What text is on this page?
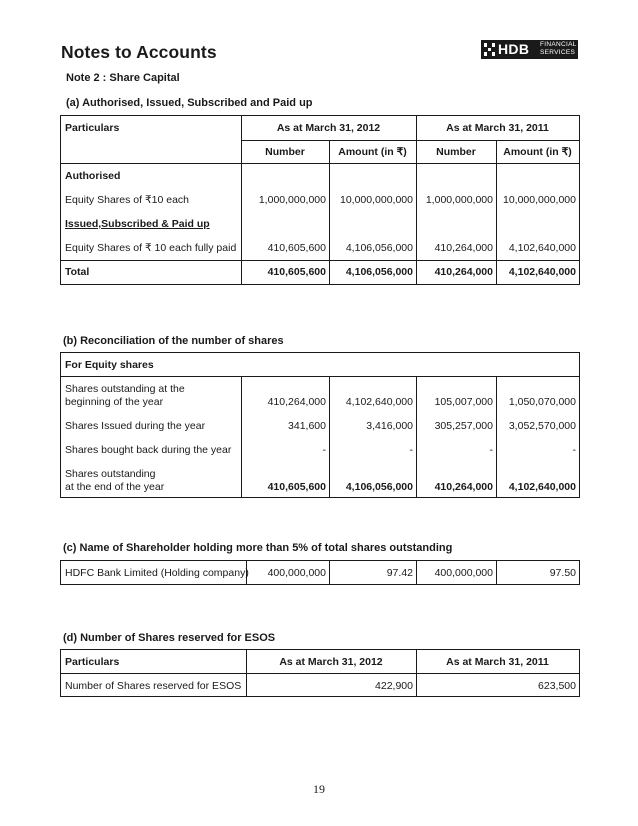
Notes to Accounts	HDB FINANCIAL
SERVICES
Note 2 : Share Capital
(a) Authorised, Issued, Subscribed and Paid up
Particulars	As at March 31, 2012	As at March 31, 2011
Number	Amount (in ₹)	Number	Amount (in ₹)
Authorised
Equity Shares of ₹10 each	1,000,000,000	10,000,000,000	1,000,000,000 10,000,000,000
Issued,Subscribed & Paid up
Equity Shares of ₹ 10 each fully paid	410,605,600	4,106,056,000	410,264,000	4,102,640,000
Total	410,605,600	4,106,056,000	410,264,000	4,102,640,000
(b) Reconciliation of the number of shares
For Equity shares
Shares outstanding at the
beginning of the year	410,264,000	4,102,640,000	105,007,000	1,050,070,000
Shares Issued during the year	341,600	3,416,000	305,257,000	3,052,570,000
Shares bought back during the year	-	-	-	-
Shares outstanding
at the end of the year	410,605,600	4,106,056,000	410,264,000	4,102,640,000
(c) Name of Shareholder holding more than 5% of total shares outstanding
HDFC Bank Limited (Holding company)	400,000,000	97.42	400,000,000	97.50
(d) Number of Shares reserved for ESOS
Particulars	As at March 31, 2012	As at March 31, 2011
Number of Shares reserved for ESOS	422,900	623,500
19
